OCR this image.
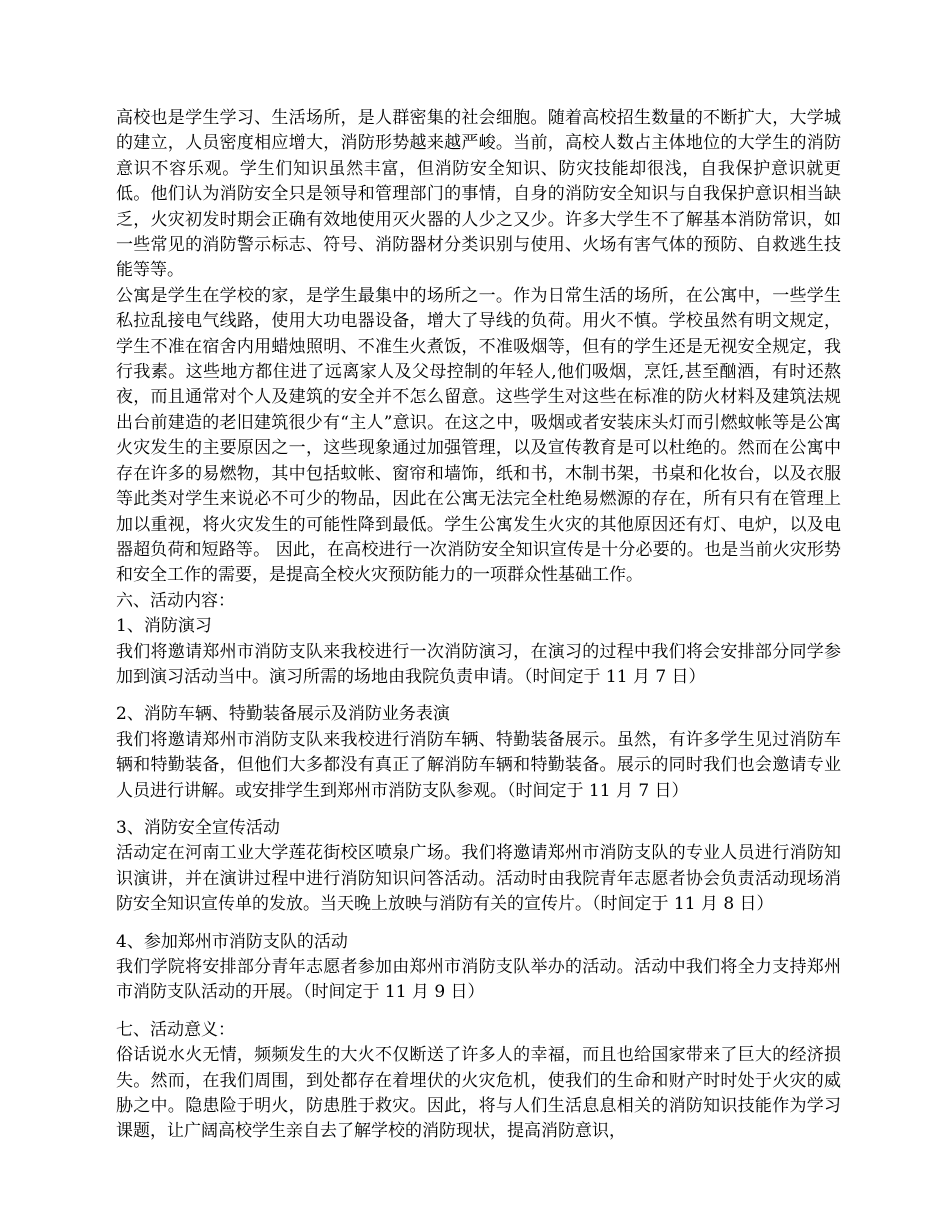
高校也是学生学习、生活场所，是人群密集的社会细胞。随着高校招生数量的不断扩大，大学城的建立，人员密度相应增大，消防形势越来越严峻。当前，高校人数占主体地位的大学生的消防意识不容乐观。学生们知识虽然丰富，但消防安全知识、防灾技能却很浅，自我保护意识就更低。他们认为消防安全只是领导和管理部门的事情，自身的消防安全知识与自我保护意识相当缺乏，火灾初发时期会正确有效地使用灭火器的人少之又少。许多大学生不了解基本消防常识，如一些常见的消防警示标志、符号、消防器材分类识别与使用、火场有害气体的预防、自救逃生技能等等。

公寓是学生在学校的家，是学生最集中的场所之一。作为日常生活的场所，在公寓中，一些学生私拉乱接电气线路，使用大功电器设备，增大了导线的负荷。用火不慎。学校虽然有明文规定，学生不准在宿舍内用蜡烛照明、不准生火煮饭，不准吸烟等，但有的学生还是无视安全规定，我行我素。这些地方都住进了远离家人及父母控制的年轻人,他们吸烟，烹饪,甚至酗酒，有时还熬夜，而且通常对个人及建筑的安全并不怎么留意。这些学生对这些在标准的防火材料及建筑法规出台前建造的老旧建筑很少有“主人”意识。在这之中，吸烟或者安装床头灯而引燃蚊帐等是公寓火灾发生的主要原因之一，这些现象通过加强管理，以及宣传教育是可以杜绝的。然而在公寓中存在许多的易燃物，其中包括蚊帐、窗帘和墙饰，纸和书，木制书架，书桌和化妆台，以及衣服等此类对学生来说必不可少的物品，因此在公寓无法完全杜绝易燃源的存在，所有只有在管理上加以重视，将火灾发生的可能性降到最低。学生公寓发生火灾的其他原因还有灯、电炉，以及电器超负荷和短路等。 因此，在高校进行一次消防安全知识宣传是十分必要的。也是当前火灾形势和安全工作的需要，是提高全校火灾预防能力的一项群众性基础工作。

六、活动内容：
1、消防演习
我们将邀请郑州市消防支队来我校进行一次消防演习，在演习的过程中我们将会安排部分同学参加到演习活动当中。演习所需的场地由我院负责申请。（时间定于 11 月 7 日）
2、消防车辆、特勤装备展示及消防业务表演
我们将邀请郑州市消防支队来我校进行消防车辆、特勤装备展示。虽然，有许多学生见过消防车辆和特勤装备，但他们大多都没有真正了解消防车辆和特勤装备。展示的同时我们也会邀请专业人员进行讲解。或安排学生到郑州市消防支队参观。（时间定于 11 月 7 日）
3、消防安全宣传活动
活动定在河南工业大学莲花街校区喷泉广场。我们将邀请郑州市消防支队的专业人员进行消防知识演讲，并在演讲过程中进行消防知识问答活动。活动时由我院青年志愿者协会负责活动现场消防安全知识宣传单的发放。当天晚上放映与消防有关的宣传片。（时间定于 11 月 8 日）
4、参加郑州市消防支队的活动
我们学院将安排部分青年志愿者参加由郑州市消防支队举办的活动。活动中我们将全力支持郑州市消防支队活动的开展。（时间定于 11 月 9 日）
七、活动意义：
俗话说水火无情，频频发生的大火不仅断送了许多人的幸福，而且也给国家带来了巨大的经济损失。然而，在我们周围，到处都存在着埋伏的火灾危机，使我们的生命和财产时时处于火灾的威胁之中。隐患险于明火，防患胜于救灾。因此，将与人们生活息息相关的消防知识技能作为学习课题，让广阔高校学生亲自去了解学校的消防现状，提高消防意识，
